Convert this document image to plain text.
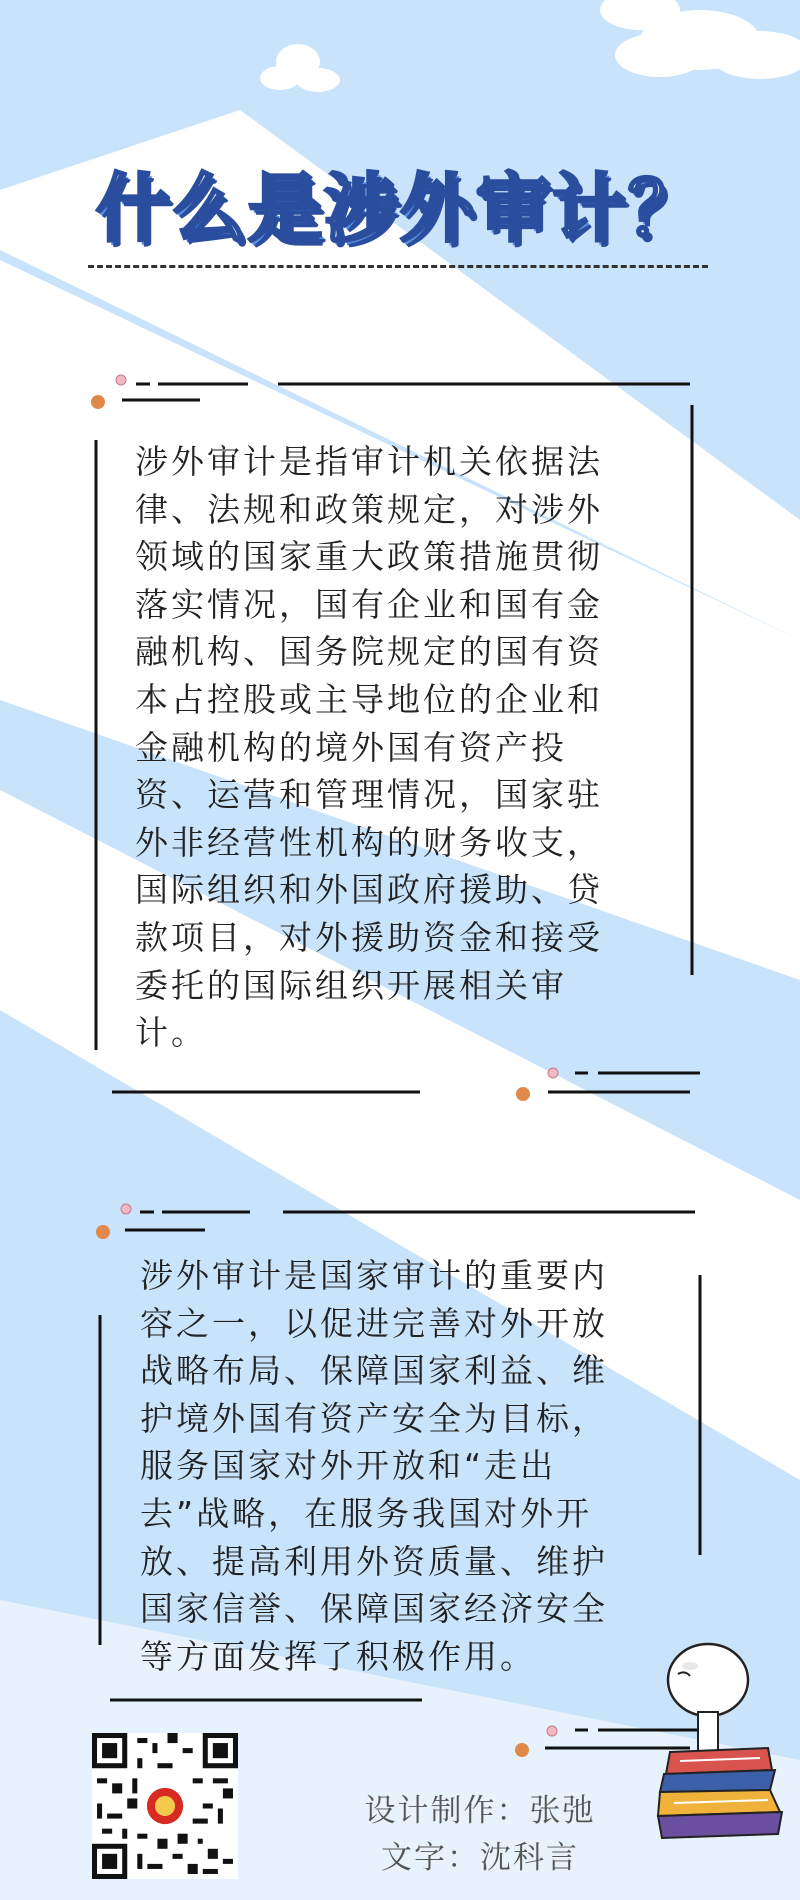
什么是涉外审计？
涉外审计是指审计机关依据法
律、法规和政策规定，对涉外
领域的国家重大政策措施贯彻
落实情况，国有企业和国有金
融机构、国务院规定的国有资
本占控股或主导地位的企业和
金融机构的境外国有资产投
资、运营和管理情况，国家驻
外非经营性机构的财务收支，
国际组织和外国政府援助、贷
款项目，对外援助资金和接受
委托的国际组织开展相关审
计。
涉外审计是国家审计的重要内
容之一，以促进完善对外开放
战略布局、保障国家利益、维
护境外国有资产安全为目标，
服务国家对外开放和“走出
去”战略，在服务我国对外开
放、提高利用外资质量、维护
国家信誉、保障国家经济安全
等方面发挥了积极作用。
设计制作：张弛
文字：沈科言
